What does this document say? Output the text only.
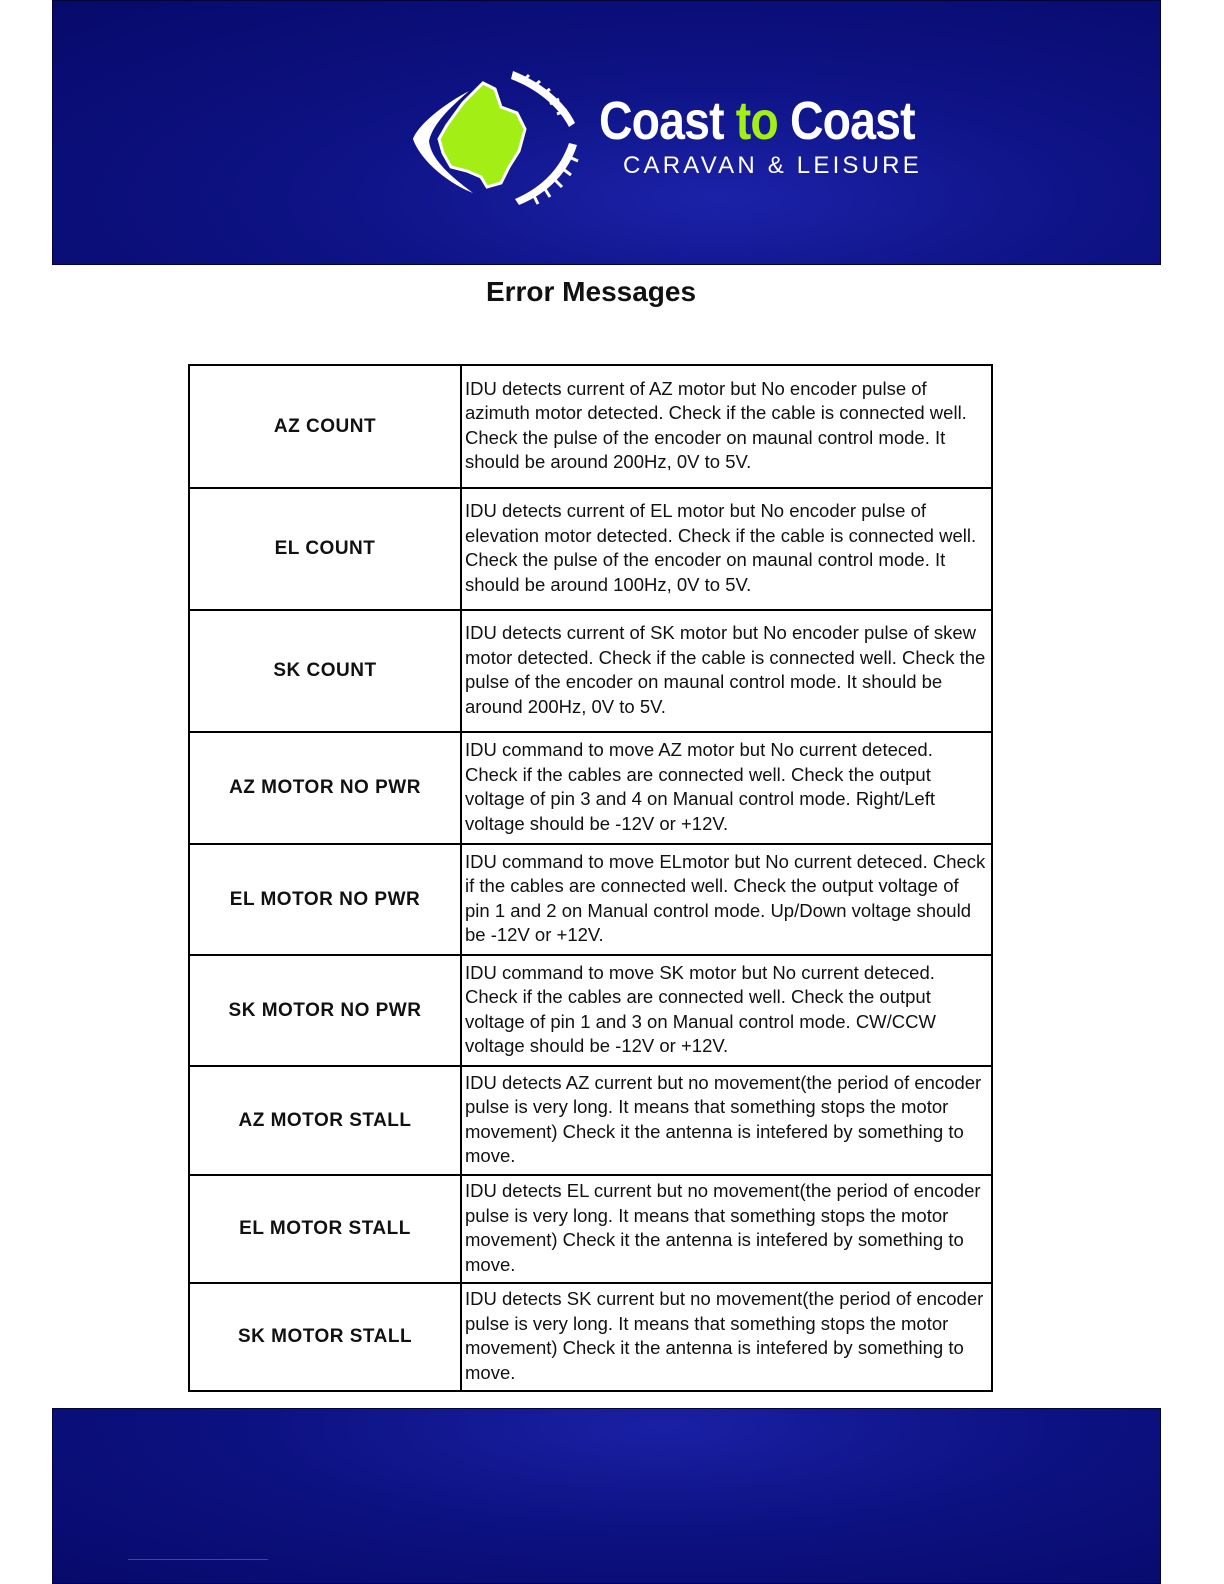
Coast to Coast
CARAVAN & LEISURE
Error Messages
AZ COUNT	IDU detects current of AZ motor but No encoder pulse of azimuth motor detected. Check if the cable is connected well. Check the pulse of the encoder on maunal control mode. It should be around 200Hz, 0V to 5V.
EL COUNT	IDU detects current of EL motor but No encoder pulse of elevation motor detected. Check if the cable is connected well. Check the pulse of the encoder on maunal control mode. It should be around 100Hz, 0V to 5V.
SK COUNT	IDU detects current of SK motor but No encoder pulse of skew motor detected. Check if the cable is connected well. Check the pulse of the encoder on maunal control mode. It should be around 200Hz, 0V to 5V.
AZ MOTOR NO PWR	IDU command to move AZ motor but No current deteced. Check if the cables are connected well. Check the output voltage of pin 3 and 4 on Manual control mode. Right/Left voltage should be -12V or +12V.
EL MOTOR NO PWR	IDU command to move ELmotor but No current deteced. Check if the cables are connected well. Check the output voltage of pin 1 and 2 on Manual control mode. Up/Down voltage should be -12V or +12V.
SK MOTOR NO PWR	IDU command to move SK motor but No current deteced. Check if the cables are connected well. Check the output voltage of pin 1 and 3 on Manual control mode. CW/CCW voltage should be -12V or +12V.
AZ MOTOR STALL	IDU detects AZ current but no movement(the period of encoder pulse is very long. It means that something stops the motor movement) Check it the antenna is intefered by something to move.
EL MOTOR STALL	IDU detects EL current but no movement(the period of encoder pulse is very long. It means that something stops the motor movement) Check it the antenna is intefered by something to move.
SK MOTOR STALL	IDU detects SK current but no movement(the period of encoder pulse is very long. It means that something stops the motor movement) Check it the antenna is intefered by something to move.
